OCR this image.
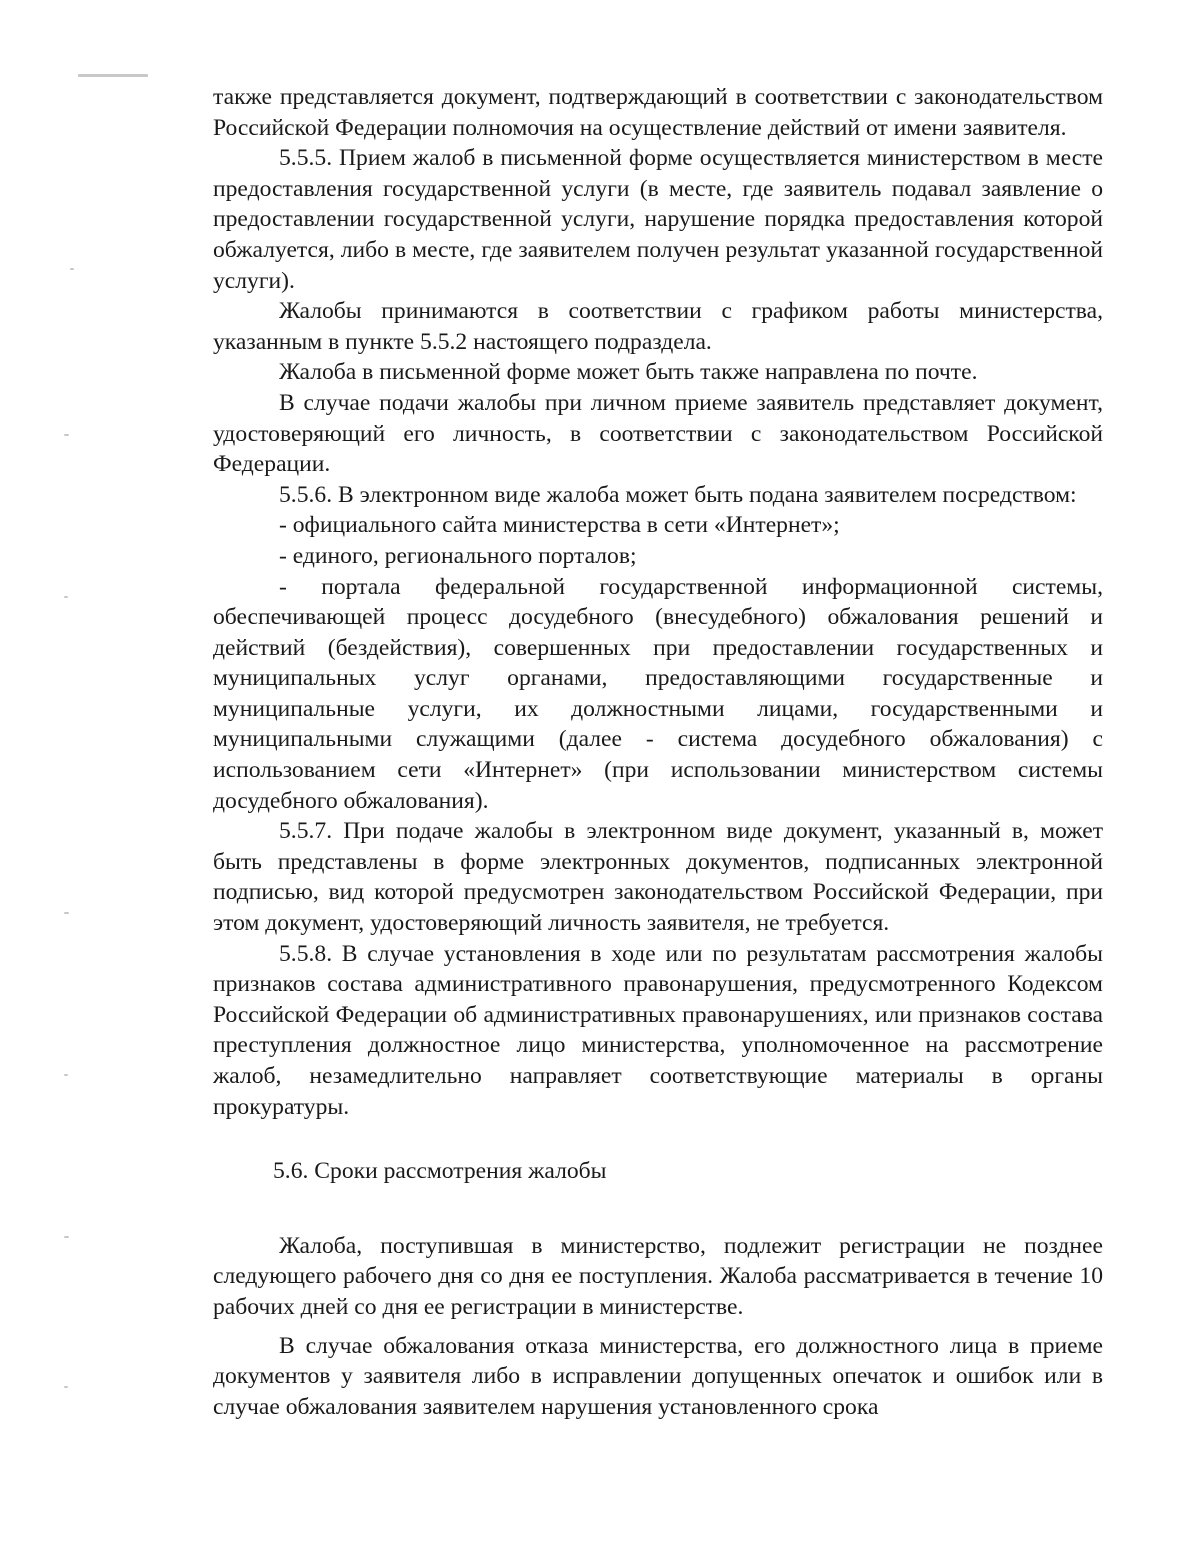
также представляется документ, подтверждающий в соответствии с законодательством Российской Федерации полномочия на осуществление действий от имени заявителя.

5.5.5. Прием жалоб в письменной форме осуществляется министерством в месте предоставления государственной услуги (в месте, где заявитель подавал заявление о предоставлении государственной услуги, нарушение порядка предоставления которой обжалуется, либо в месте, где заявителем получен результат указанной государственной услуги).

Жалобы принимаются в соответствии с графиком работы министерства, указанным в пункте 5.5.2 настоящего подраздела.

Жалоба в письменной форме может быть также направлена по почте.

В случае подачи жалобы при личном приеме заявитель представляет документ, удостоверяющий его личность, в соответствии с законодательством Российской Федерации.

5.5.6. В электронном виде жалоба может быть подана заявителем посредством:

- официального сайта министерства в сети «Интернет»;

- единого, регионального порталов;

- портала федеральной государственной информационной системы, обеспечивающей процесс досудебного (внесудебного) обжалования решений и действий (бездействия), совершенных при предоставлении государственных и муниципальных услуг органами, предоставляющими государственные и муниципальные услуги, их должностными лицами, государственными и муниципальными служащими (далее - система досудебного обжалования) с использованием сети «Интернет» (при использовании министерством системы досудебного обжалования).

5.5.7. При подаче жалобы в электронном виде документ, указанный в, может быть представлены в форме электронных документов, подписанных электронной подписью, вид которой предусмотрен законодательством Российской Федерации, при этом документ, удостоверяющий личность заявителя, не требуется.

5.5.8. В случае установления в ходе или по результатам рассмотрения жалобы признаков состава административного правонарушения, предусмотренного Кодексом Российской Федерации об административных правонарушениях, или признаков состава преступления должностное лицо министерства, уполномоченное на рассмотрение жалоб, незамедлительно направляет соответствующие материалы в органы прокуратуры.

5.6. Сроки рассмотрения жалобы

Жалоба, поступившая в министерство, подлежит регистрации не позднее следующего рабочего дня со дня ее поступления. Жалоба рассматривается в течение 10 рабочих дней со дня ее регистрации в министерстве.

В случае обжалования отказа министерства, его должностного лица в приеме документов у заявителя либо в исправлении допущенных опечаток и ошибок или в случае обжалования заявителем нарушения установленного срока
